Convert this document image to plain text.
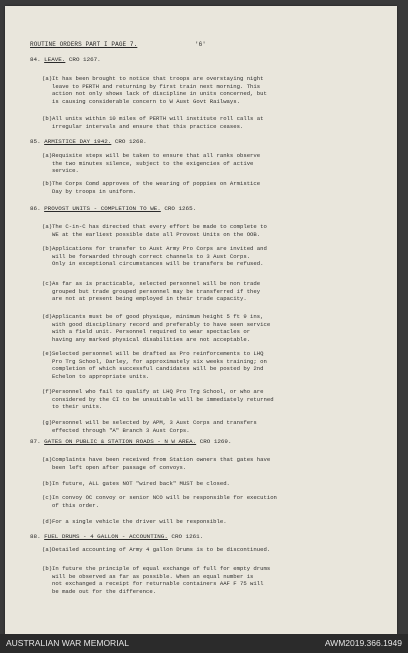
ROUTINE ORDERS PART I PAGE 7.	'6'
84. LEAVE. CRO 1267.
(a) It has been brought to notice that troops are overstaying night
leave to PERTH and returning by first train next morning. This
action not only shows lack of discipline in units concerned, but
is causing considerable concern to W Aust Govt Railways.
(b) All units within 10 miles of PERTH will institute roll calls at
irregular intervals and ensure that this practice ceases.
85. ARMISTICE DAY 1942. CRO 1268.
(a) Requisite steps will be taken to ensure that all ranks observe
the two minutes silence, subject to the exigencies of active
service.
(b) The Corps Comd approves of the wearing of poppies on Armistice
Day by troops in uniform.
86. PROVOST UNITS - COMPLETION TO WE. CRO 1265.
(a) The C-in-C has directed that every effort be made to complete to
WE at the earliest possible date all Provost Units on the OOB.
(b) Applications for transfer to Aust Army Pro Corps are invited and
will be forwarded through correct channels to 3 Aust Corps.
Only in exceptional circumstances will be transfers be refused.
(c) As far as is practicable, selected personnel will be non trade
grouped but trade grouped personnel may be transferred if they
are not at present being employed in their trade capacity.
(d) Applicants must be of good physique, minimum height 5 ft 9 ins,
with good disciplinary record and preferably to have seen service
with a field unit. Personnel required to wear spectacles or
having any marked physical disabilities are not acceptable.
(e) Selected personnel will be drafted as Pro reinforcements to LHQ
Pro Trg School, Darley, for approximately six weeks training; on
completion of which successful candidates will be posted by 2nd
Echelon to appropriate units.
(f) Personnel who fail to qualify at LHQ Pro Trg School, or who are
considered by the CI to be unsuitable will be immediately returned
to their units.
(g) Personnel will be selected by APM, 3 Aust Corps and transfers
effected through "A" Branch 3 Aust Corps.
87. GATES ON PUBLIC & STATION ROADS - N W AREA. CRO 1269.
(a) Complaints have been received from Station owners that gates have
been left open after passage of convoys.
(b) In future, ALL gates NOT "wired back" MUST be closed.
(c) In convoy OC convoy or senior NCO will be responsible for execution
of this order.
(d) For a single vehicle the driver will be responsible.
88. FUEL DRUMS - 4 GALLON - ACCOUNTING. CRO 1261.
(a) Detailed accounting of Army 4 gallon Drums is to be discontinued.
(b) In future the principle of equal exchange of full for empty drums
will be observed as far as possible. When an equal number is
not exchanged a receipt for returnable containers AAF F 75 will
be made out for the difference.
AUSTRALIAN WAR MEMORIAL	AWM2019.366.1949
